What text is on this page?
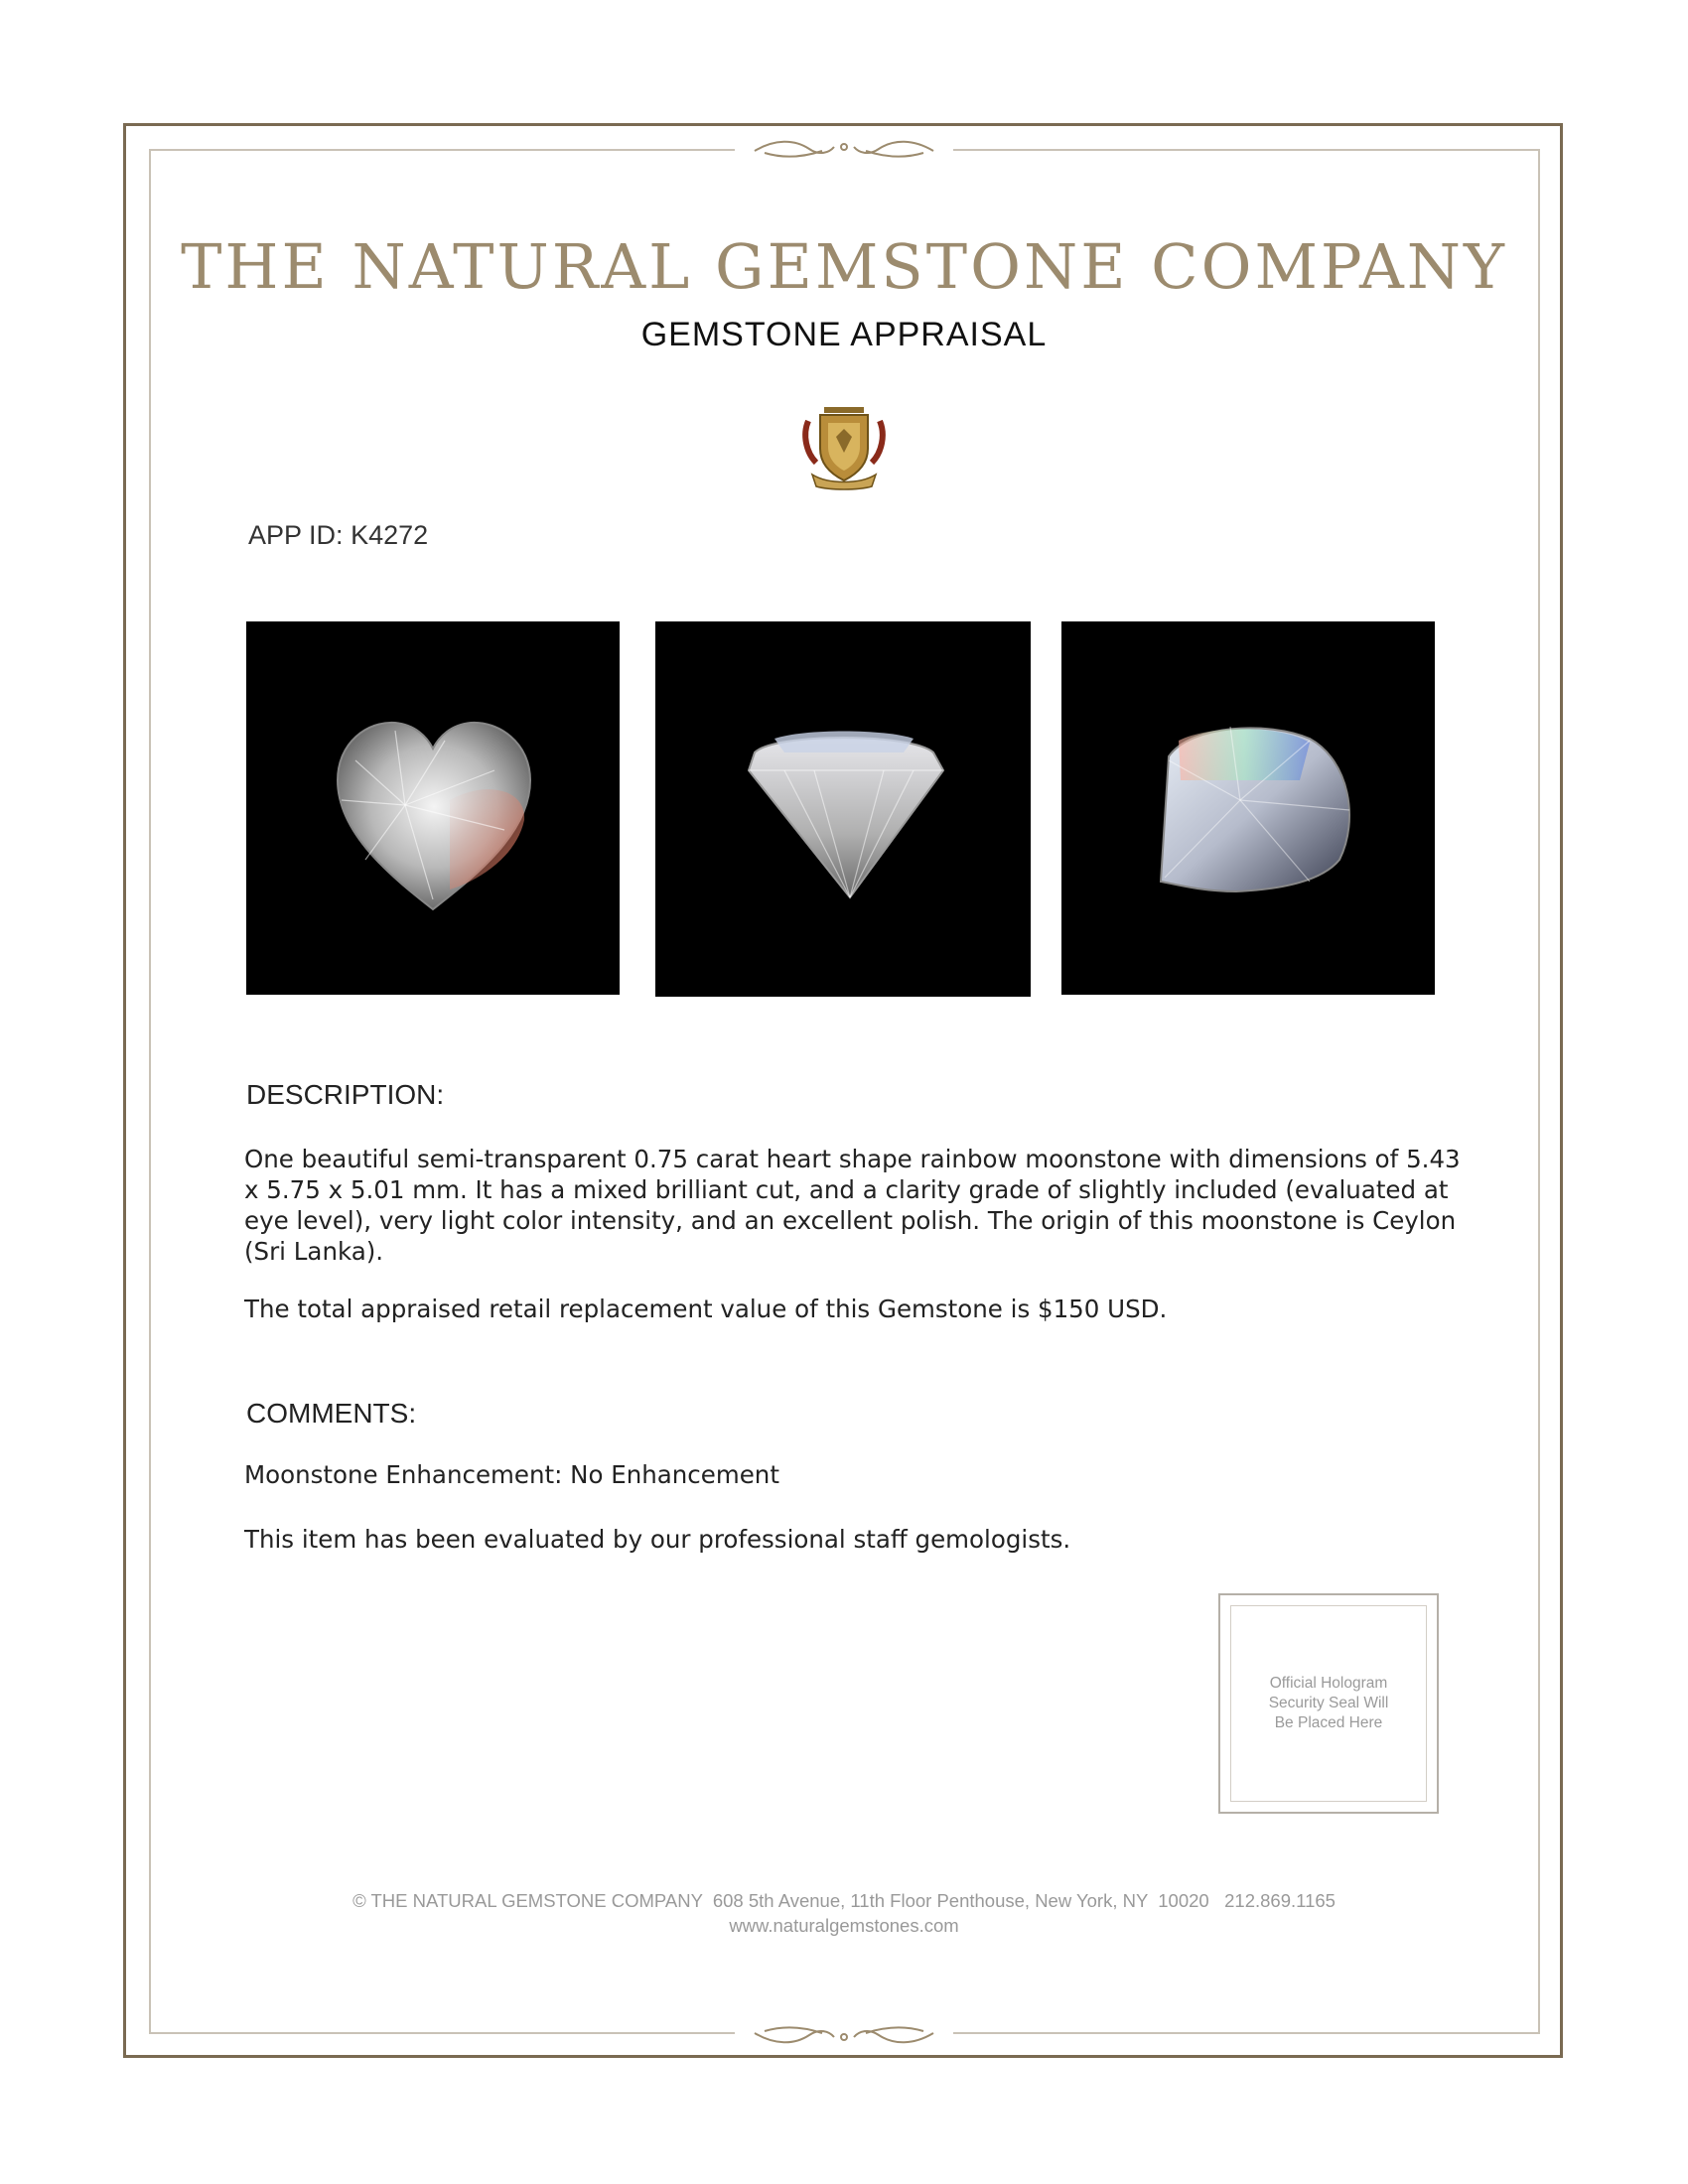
THE NATURAL GEMSTONE COMPANY
GEMSTONE APPRAISAL
APP ID: K4272
DESCRIPTION:
One beautiful semi-transparent 0.75 carat heart shape rainbow moonstone with dimensions of 5.43 x 5.75 x 5.01 mm. It has a mixed brilliant cut, and a clarity grade of slightly included (evaluated at eye level), very light color intensity, and an excellent polish. The origin of this moonstone is Ceylon (Sri Lanka).
The total appraised retail replacement value of this Gemstone is $150 USD.
COMMENTS:
Moonstone Enhancement: No Enhancement
This item has been evaluated by our professional staff gemologists.
Official Hologram
Security Seal Will
Be Placed Here
© THE NATURAL GEMSTONE COMPANY  608 5th Avenue, 11th Floor Penthouse, New York, NY  10020   212.869.1165
www.naturalgemstones.com
